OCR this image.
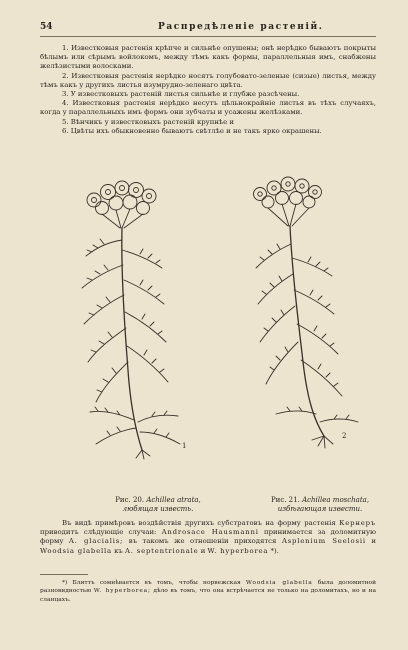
54	Распредѣленіе растеній.

1. Известковыя растенія крѣпче и сильнѣе опушены; онѣ нерѣдко бываютъ покрыты бѣлымъ или сѣрымъ войлокомъ, между тѣмъ какъ формы, параллельныя имъ, снабжены желѣзистыми волосками.

2. Известковыя растенія нерѣдко носятъ голубовато-зеленые (сизые) листья, между тѣмъ какъ у другихъ листья изумрудно-зеленаго цвѣта.

3. У известковыхъ растеній листья сильнѣе и глубже разсѣчены.

4. Известковыя растенія нерѣдко несутъ цѣльнокрайніе листья въ тѣхъ случаяхъ, когда у параллельныхъ имъ формъ они зубчаты и усажены желѣзками.

5. Вѣнчикъ у известковыхъ растеній крупнѣе и

6. Цвѣты ихъ обыкновенно бываютъ свѣтлѣе и не такъ ярко окрашены.

1
2
Рис. 20. Achillea atrata,
любящая известь.
Рис. 21. Achillea moschata,
избѣгающая извести.

Въ видѣ примѣровъ воздѣйствія другихъ субстратовъ на форму растенія Кернеръ приводитъ слѣдующіе случаи: Androsace Hausmanni принимается за доломитную форму A. glacialis; въ такомъ же отношеніи приходятся Asplenium Seelosii и Woodsia glabella къ A. septentrionale и W. hyperborea *).

*) Блиттъ сомнѣвается въ томъ, чтобы норвежская Woodsia glabella была доломитной разновидностью W. hyperborea; дѣло въ томъ, что она встрѣчается не только на доломитахъ, но и на сланцахъ.
